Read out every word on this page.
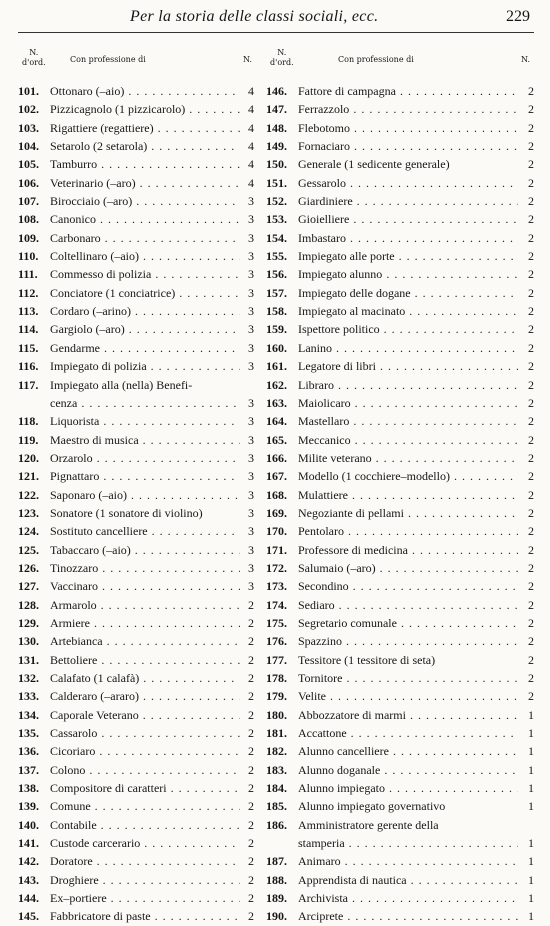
Per la storia delle classi sociali, ecc.	229
N.
d'ord.	Con professione di	N.
101. Ottonaro (–aio) . . .	4
102. Pizzicagnolo (1 pizzicarolo) . . .	4
103. Rigattiere (regattiere) . . .	4
104. Setarolo (2 setarola) . . .	4
105. Tamburro . . .	4
106. Veterinario (–aro) . . .	4
107. Birocciaio (–aro) . . .	3
108. Canonico . . .	3
109. Carbonaro . . .	3
110. Coltellinaro (–aio) . . .	3
111.	Commesso di polizia . . .	3
112. Conciatore (1 conciatrice) . . .	3
113. Cordaro (–arino) . . .	3
114. Gargiolo (–aro) . . .	3
115. Gendarme . . .	3
116. Impiegato di polizia . . .	3
117. Impiegato alla (nella) Benefi-
cenza . . .	3
118. Liquorista . . .	3
119. Maestro di musica . . .	3
120. Orzarolo . . .	3
121. Pignattaro . . .	3
122. Saponaro (–aio) . . .	3
123. Sonatore (1 sonatore di violino)	3
124. Sostituto cancelliere . . .	3
125. Tabaccaro (–aio) . . .	3
126. Tinozzaro . . .	3
127. Vaccinaro . . .	3
128. Armarolo . . .	2
129. Armiere . . .	2
130. Artebianca . . .	2
131. Bettoliere . . .	2
132. Calafato (1 calafà) . . .	2
133. Calderaro (–araro) . . .	2
134. Caporale Veterano . . .	2
135. Cassarolo . . .	2
136. Cicoriaro . . .	2
137. Colono . . .	2
138. Compositore di caratteri . . .	2
139. Comune . . .	2
140. Contabile . . .	2
141. Custode carcerario . . .	2
142. Doratore . . .	2
143. Droghiere . . .	2
144. Ex–portiere . . .	2
145. Fabbricatore di paste . . .	2
N.
d'ord.	Con professione di	N.
146. Fattore di campagna . . .	2
147. Ferrazzolo . . .	2
148. Flebotomo . . .	2
149. Fornaciaro . . .	2
150. Generale (1 sedicente generale)	2
151. Gessarolo . . .	2
152. Giardiniere . . .	2
153. Gioielliere . . .	2
154. Imbastaro . . .	2
155. Impiegato alle porte . . .	2
156. Impiegato alunno . . .	2
157. Impiegato delle dogane . . .	2
158. Impiegato al macinato . . .	2
159. Ispettore politico . . .	2
160. Lanino . . .	2
161. Legatore di libri . . .	2
162. Libraro . . .	2
163. Maiolicaro . . .	2
164. Mastellaro . . .	2
165. Meccanico . . .	2
166. Milite veterano . . .	2
167. Modello (1 cocchiere–modello) . . .	2
168. Mulattiere . . .	2
169. Negoziante di pellami . . .	2
170. Pentolaro . . .	2
171. Professore di medicina . . .	2
172. Salumaio (–aro) . . .	2
173. Secondino . . .	2
174. Sediaro . . .	2
175. Segretario comunale . . .	2
176. Spazzino . . .	2
177. Tessitore (1 tessitore di seta)	2
178. Tornitore . . .	2
179. Velite . . .	2
180. Abbozzatore di marmi . . .	1
181. Accattone . . .	1
182. Alunno cancelliere . . .	1
183. Alunno doganale . . .	1
184. Alunno impiegato . . .	1
185. Alunno impiegato governativo	1
186. Amministratore gerente della
stamperia . . .	1
187. Animaro . . .	1
188. Apprendista di nautica . . .	1
189. Archivista . . .	1
190. Arciprete . . .	1
